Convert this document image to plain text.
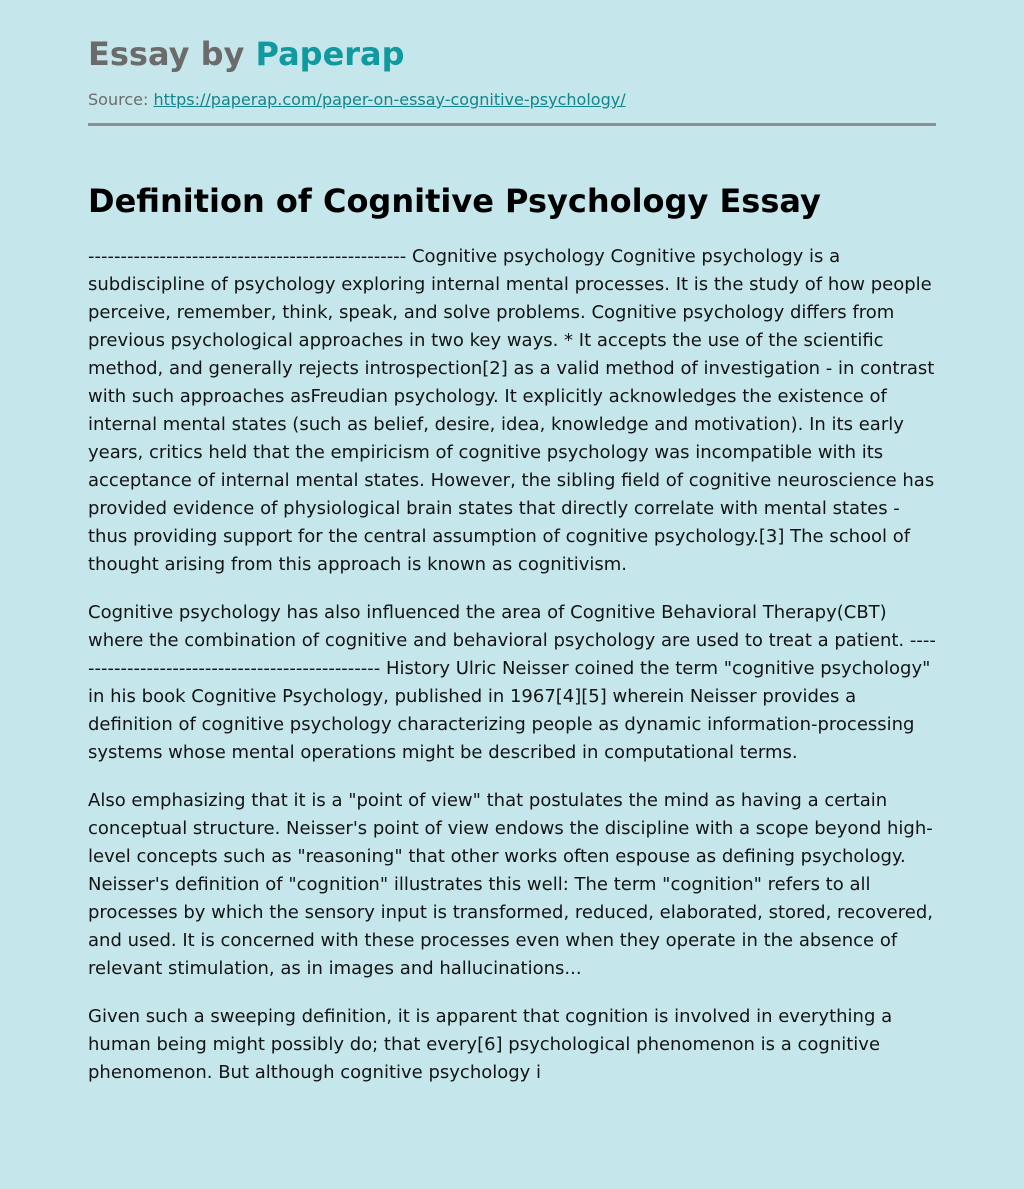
Essay by Paperap
Source: https://paperap.com/paper-on-essay-cognitive-psychology/
Definition of Cognitive Psychology Essay

------------------------------------------------- Cognitive psychology Cognitive psychology is a subdiscipline of psychology exploring internal mental processes. It is the study of how people perceive, remember, think, speak, and solve problems. Cognitive psychology differs from previous psychological approaches in two key ways. * It accepts the use of the scientific method, and generally rejects introspection[2] as a valid method of investigation - in contrast with such approaches asFreudian psychology. It explicitly acknowledges the existence of internal mental states (such as belief, desire, idea, knowledge and motivation). In its early years, critics held that the empiricism of cognitive psychology was incompatible with its acceptance of internal mental states. However, the sibling field of cognitive neuroscience has provided evidence of physiological brain states that directly correlate with mental states - thus providing support for the central assumption of cognitive psychology.[3] The school of thought arising from this approach is known as cognitivism.

Cognitive psychology has also influenced the area of Cognitive Behavioral Therapy(CBT) where the combination of cognitive and behavioral psychology are used to treat a patient. ------------------------------------------------- History Ulric Neisser coined the term "cognitive psychology" in his book Cognitive Psychology, published in 1967[4][5] wherein Neisser provides a definition of cognitive psychology characterizing people as dynamic information-processing systems whose mental operations might be described in computational terms.

Also emphasizing that it is a "point of view" that postulates the mind as having a certain conceptual structure. Neisser's point of view endows the discipline with a scope beyond high-level concepts such as "reasoning" that other works often espouse as defining psychology. Neisser's definition of "cognition" illustrates this well: The term "cognition" refers to all processes by which the sensory input is transformed, reduced, elaborated, stored, recovered, and used. It is concerned with these processes even when they operate in the absence of relevant stimulation, as in images and hallucinations...

Given such a sweeping definition, it is apparent that cognition is involved in everything a human being might possibly do; that every[6] psychological phenomenon is a cognitive phenomenon. But although cognitive psychology i
